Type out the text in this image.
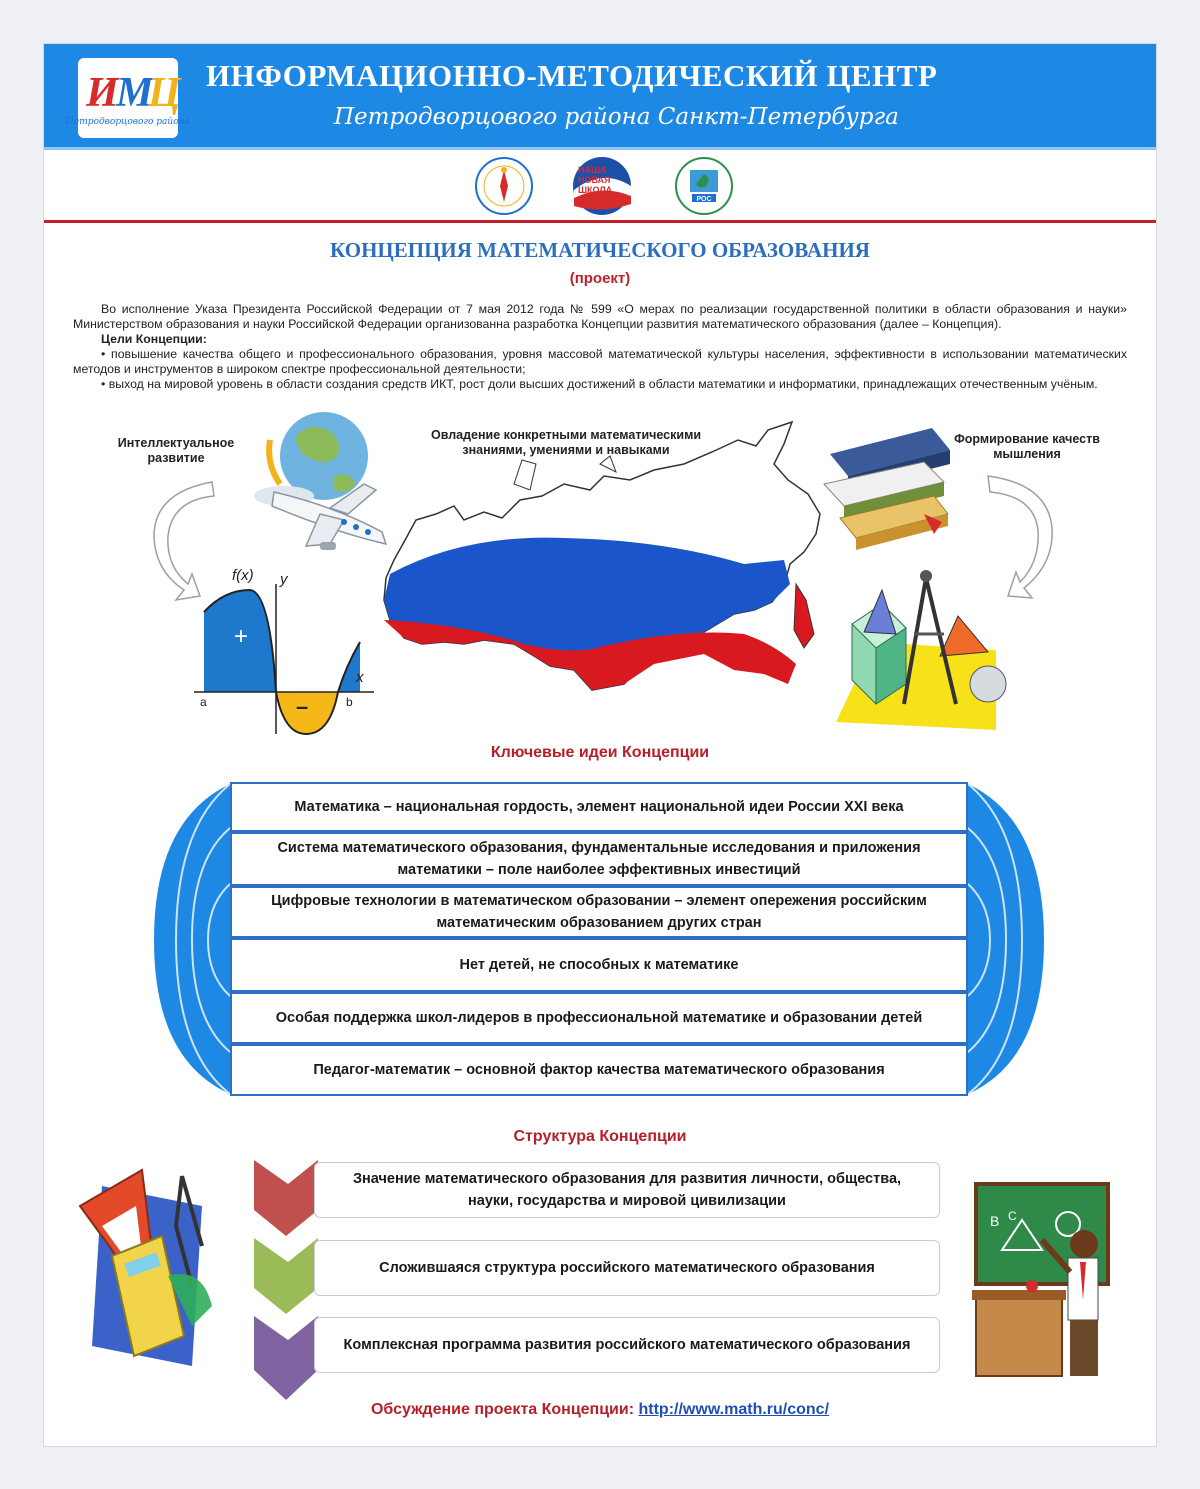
И
М
Ц
Петродворцового района
ИНФОРМАЦИОННО-МЕТОДИЧЕСКИЙ ЦЕНТР
Петродворцового района Санкт-Петербурга
НАША
НОВАЯ
ШКОЛА
РОС
КОНЦЕПЦИЯ МАТЕМАТИЧЕСКОГО ОБРАЗОВАНИЯ
(проект)

Во исполнение Указа Президента Российской Федерации от 7 мая 2012 года № 599 «О мерах по реализации государственной политики в области образования и науки» Министерством образования и науки Российской Федерации организованна разработка Концепции развития математического образования (далее – Концепция).

Цели Концепции:

• повышение качества общего и профессионального образования, уровня массовой математической культуры населения, эффективности в использовании математических методов и инструментов в широком спектре профессиональной деятельности;

• выход на мировой уровень в области создания средств ИКТ, рост доли высших достижений в области математики и информатики, принадлежащих отечественным учёным.

Интеллектуальное развитие
Овладение конкретными математическими знаниями, умениями и навыками
Формирование качеств мышления
f(x) y
x
a	b
+
–
Ключевые идеи Концепции
Математика – национальная гордость, элемент национальной идеи России XXI века
Система математического образования, фундаментальные исследования и приложения математики – поле наиболее эффективных инвестиций
Цифровые технологии в математическом образовании – элемент опережения российским математическим образованием других стран
Нет детей, не способных к математике
Особая поддержка школ-лидеров в профессиональной математике и образовании детей
Педагог-математик – основной фактор качества математического образования
Структура Концепции
Значение математического образования для развития личности, общества, науки, государства и мировой цивилизации
Сложившаяся структура российского математического образования
Комплексная программа развития российского математического образования
B C
Обсуждение проекта Концепции: http://www.math.ru/conc/
